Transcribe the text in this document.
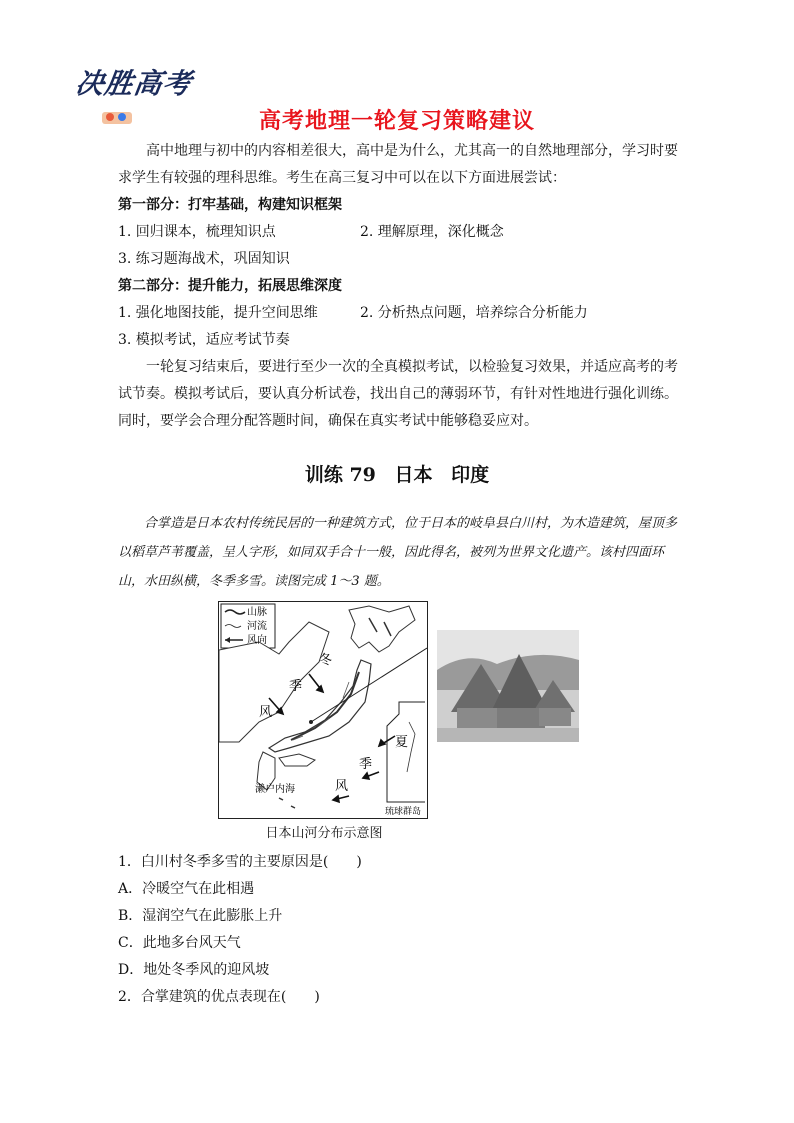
决胜高考
高考地理一轮复习策略建议
高中地理与初中的内容相差很大，高中是为什么，尤其高一的自然地理部分，学习时要求学生有较强的理科思维。考生在高三复习中可以在以下方面进展尝试：
第一部分：打牢基础，构建知识框架
1. 回归课本，梳理知识点	2. 理解原理，深化概念
3. 练习题海战术，巩固知识
第二部分：提升能力，拓展思维深度
1. 强化地图技能，提升空间思维	2. 分析热点问题，培养综合分析能力
3. 模拟考试，适应考试节奏
一轮复习结束后，要进行至少一次的全真模拟考试，以检验复习效果，并适应高考的考试节奏。模拟考试后，要认真分析试卷，找出自己的薄弱环节，有针对性地进行强化训练。同时，要学会合理分配答题时间，确保在真实考试中能够稳妥应对。
训练 79 日本 印度
合掌造是日本农村传统民居的一种建筑方式，位于日本的岐阜县白川村，为木造建筑，屋顶多以稻草芦苇覆盖，呈人字形，如同双手合十一般，因此得名，被列为世界文化遗产。该村四面环山，水田纵横，冬季多雪。读图完成 1～3 题。
山脉
河流
风向
冬
季
风
夏
季
风
濑户内海
琉球群岛
日本山河分布示意图
1．白川村冬季多雪的主要原因是(　　)
A．冷暖空气在此相遇
B．湿润空气在此膨胀上升
C．此地多台风天气
D．地处冬季风的迎风坡
2．合掌建筑的优点表现在(　　)
